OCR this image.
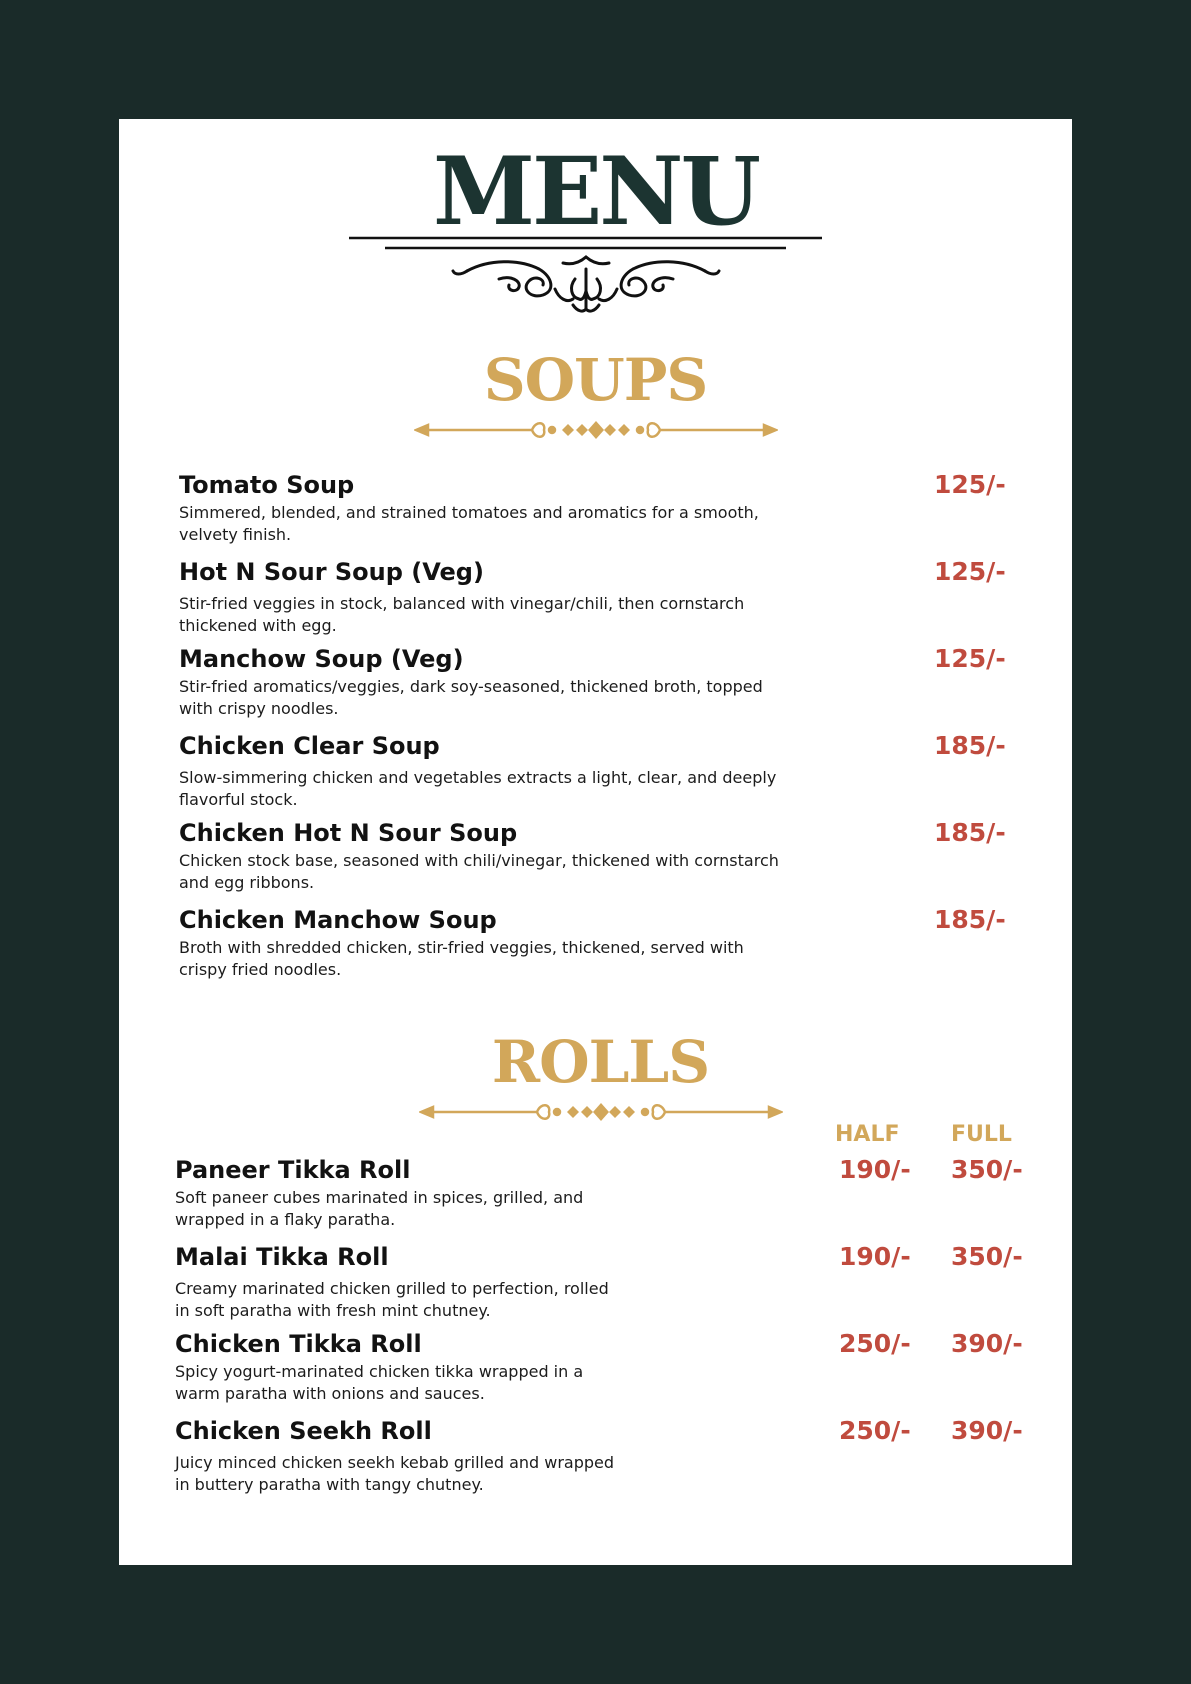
MENU
SOUPS
Tomato Soup
Simmered, blended, and strained tomatoes and aromatics for a smooth, velvety finish.
125/-
Hot N Sour Soup (Veg)
Stir-fried veggies in stock, balanced with vinegar/chili, then cornstarch thickened with egg.
125/-
Manchow Soup (Veg)
Stir-fried aromatics/veggies, dark soy-seasoned, thickened broth, topped with crispy noodles.
125/-
Chicken Clear Soup
Slow-simmering chicken and vegetables extracts a light, clear, and deeply flavorful stock.
185/-
Chicken Hot N Sour Soup
Chicken stock base, seasoned with chili/vinegar, thickened with cornstarch and egg ribbons.
185/-
Chicken Manchow Soup
Broth with shredded chicken, stir-fried veggies, thickened, served with crispy fried noodles.
185/-
ROLLS
HALF FULL
Paneer Tikka Roll
Soft paneer cubes marinated in spices, grilled, and wrapped in a flaky paratha.
190/- 350/-
Malai Tikka Roll
Creamy marinated chicken grilled to perfection, rolled in soft paratha with fresh mint chutney.
190/- 350/-
Chicken Tikka Roll
Spicy yogurt-marinated chicken tikka wrapped in a warm paratha with onions and sauces.
250/- 390/-
Chicken Seekh Roll
Juicy minced chicken seekh kebab grilled and wrapped in buttery paratha with tangy chutney.
250/- 390/-
